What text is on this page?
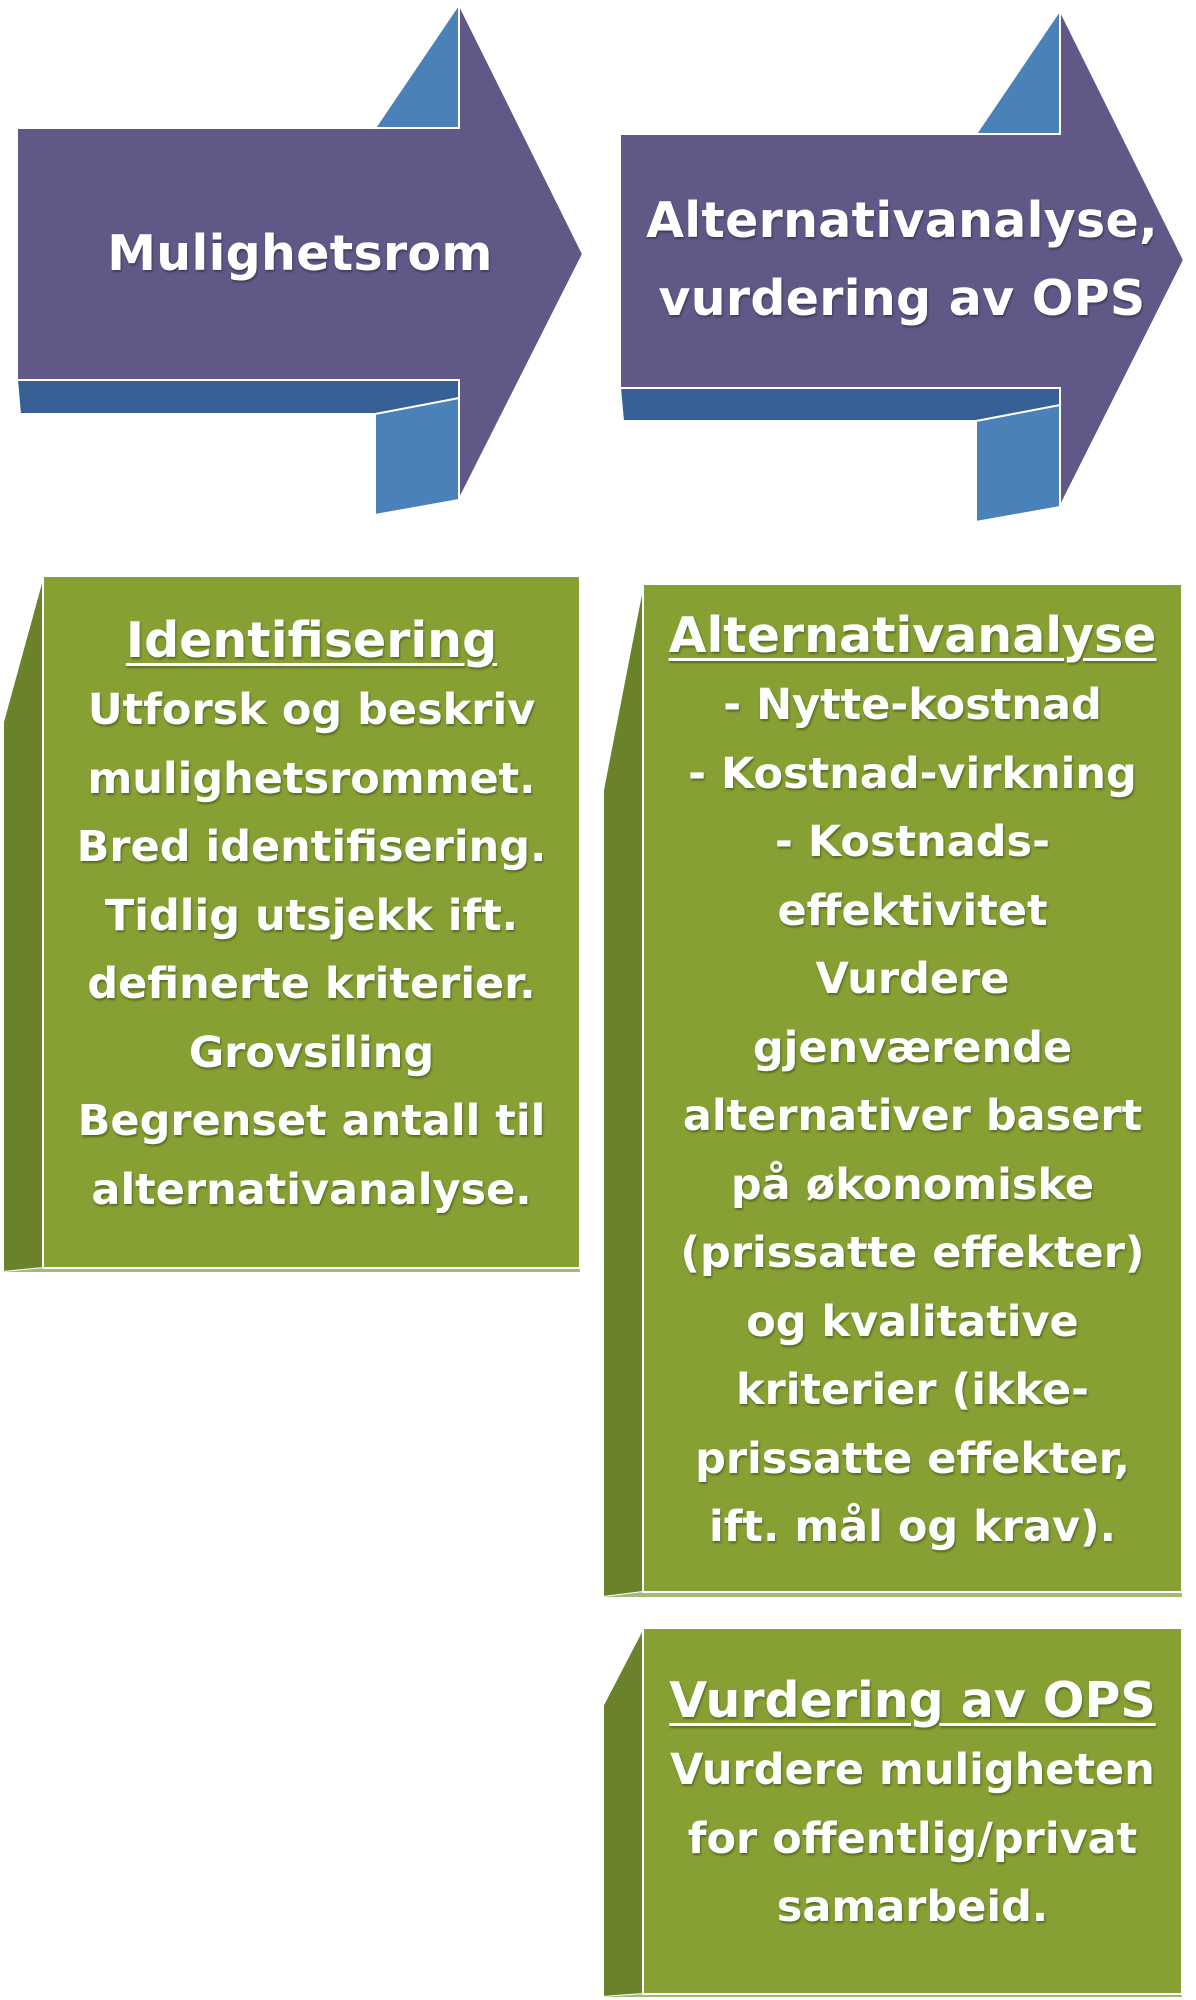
Mulighetsrom
Alternativanalyse,
vurdering av OPS
Identifisering
Utforsk og beskriv
mulighetsrommet.
Bred identifisering.
Tidlig utsjekk ift.
definerte kriterier.
Grovsiling
Begrenset antall til
alternativanalyse.
Alternativanalyse
- Nytte-kostnad
- Kostnad-virkning
- Kostnads-
effektivitet
Vurdere
gjenværende
alternativer basert
på økonomiske
(prissatte effekter)
og kvalitative
kriterier (ikke-
prissatte effekter,
ift. mål og krav).
Vurdering av OPS
Vurdere muligheten
for offentlig/privat
samarbeid.
